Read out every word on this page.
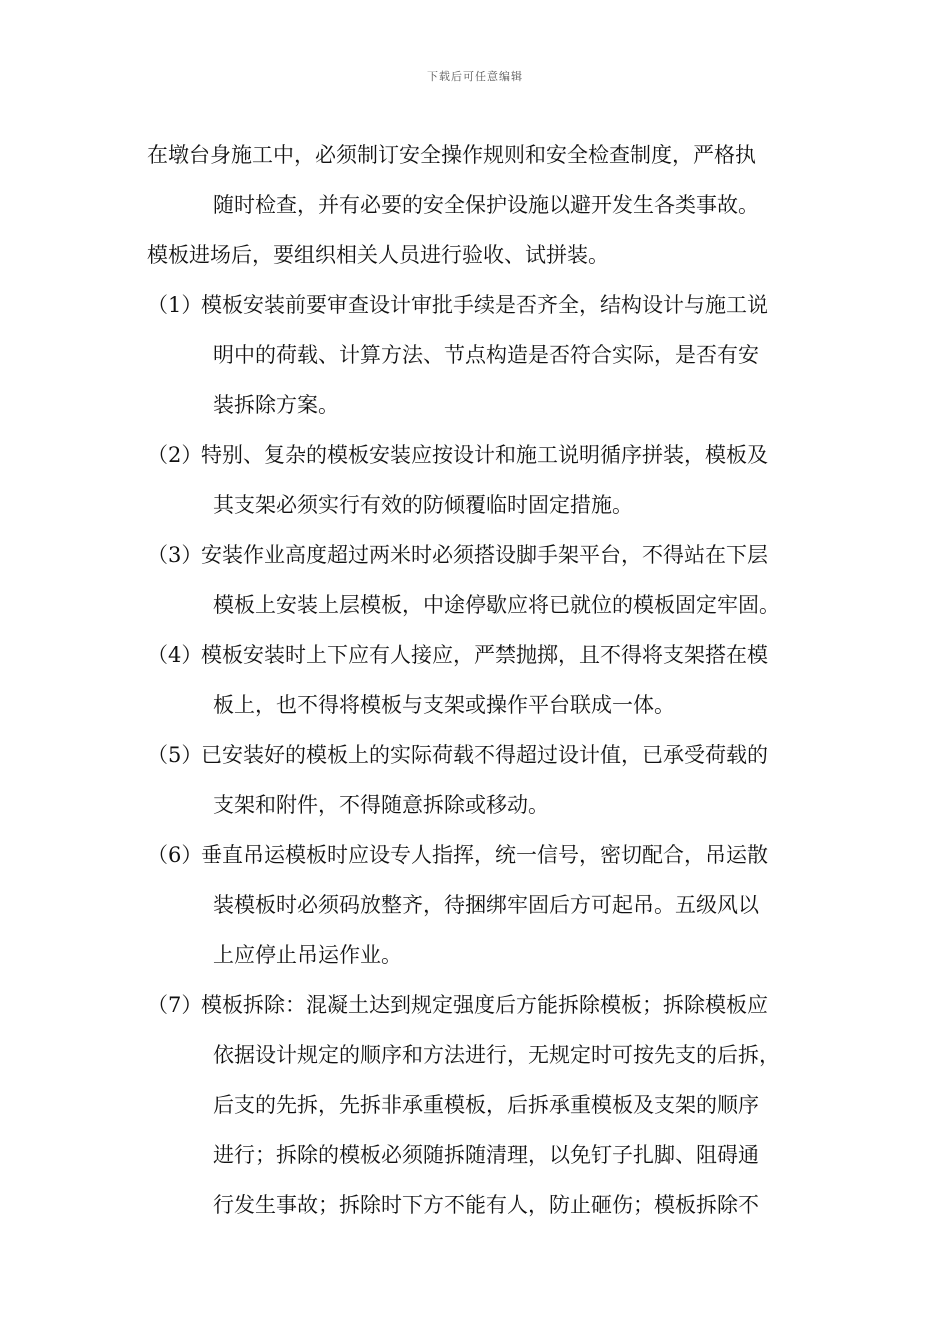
下载后可任意编辑
在墩台身施工中，必须制订安全操作规则和安全检查制度，严格执
随时检查，并有必要的安全保护设施以避开发生各类事故。
模板进场后，要组织相关人员进行验收、试拼装。
（1）
模板安装前要审查设计审批手续是否齐全，结构设计与施工说
明中的荷载、计算方法、节点构造是否符合实际，是否有安
装拆除方案。
（2）
特别、复杂的模板安装应按设计和施工说明循序拼装，模板及
其支架必须实行有效的防倾覆临时固定措施。
（3）
安装作业高度超过两米时必须搭设脚手架平台，不得站在下层
模板上安装上层模板，中途停歇应将已就位的模板固定牢固。
（4）
模板安装时上下应有人接应，严禁抛掷，且不得将支架搭在模
板上，也不得将模板与支架或操作平台联成一体。
（5）
已安装好的模板上的实际荷载不得超过设计值，已承受荷载的
支架和附件，不得随意拆除或移动。
（6）
垂直吊运模板时应设专人指挥，统一信号，密切配合，吊运散
装模板时必须码放整齐，待捆绑牢固后方可起吊。五级风以
上应停止吊运作业。
（7）
模板拆除：混凝土达到规定强度后方能拆除模板；拆除模板应
依据设计规定的顺序和方法进行，无规定时可按先支的后拆，
后支的先拆，先拆非承重模板，后拆承重模板及支架的顺序
进行；拆除的模板必须随拆随清理，以免钉子扎脚、阻碍通
行发生事故；拆除时下方不能有人，防止砸伤；模板拆除不
